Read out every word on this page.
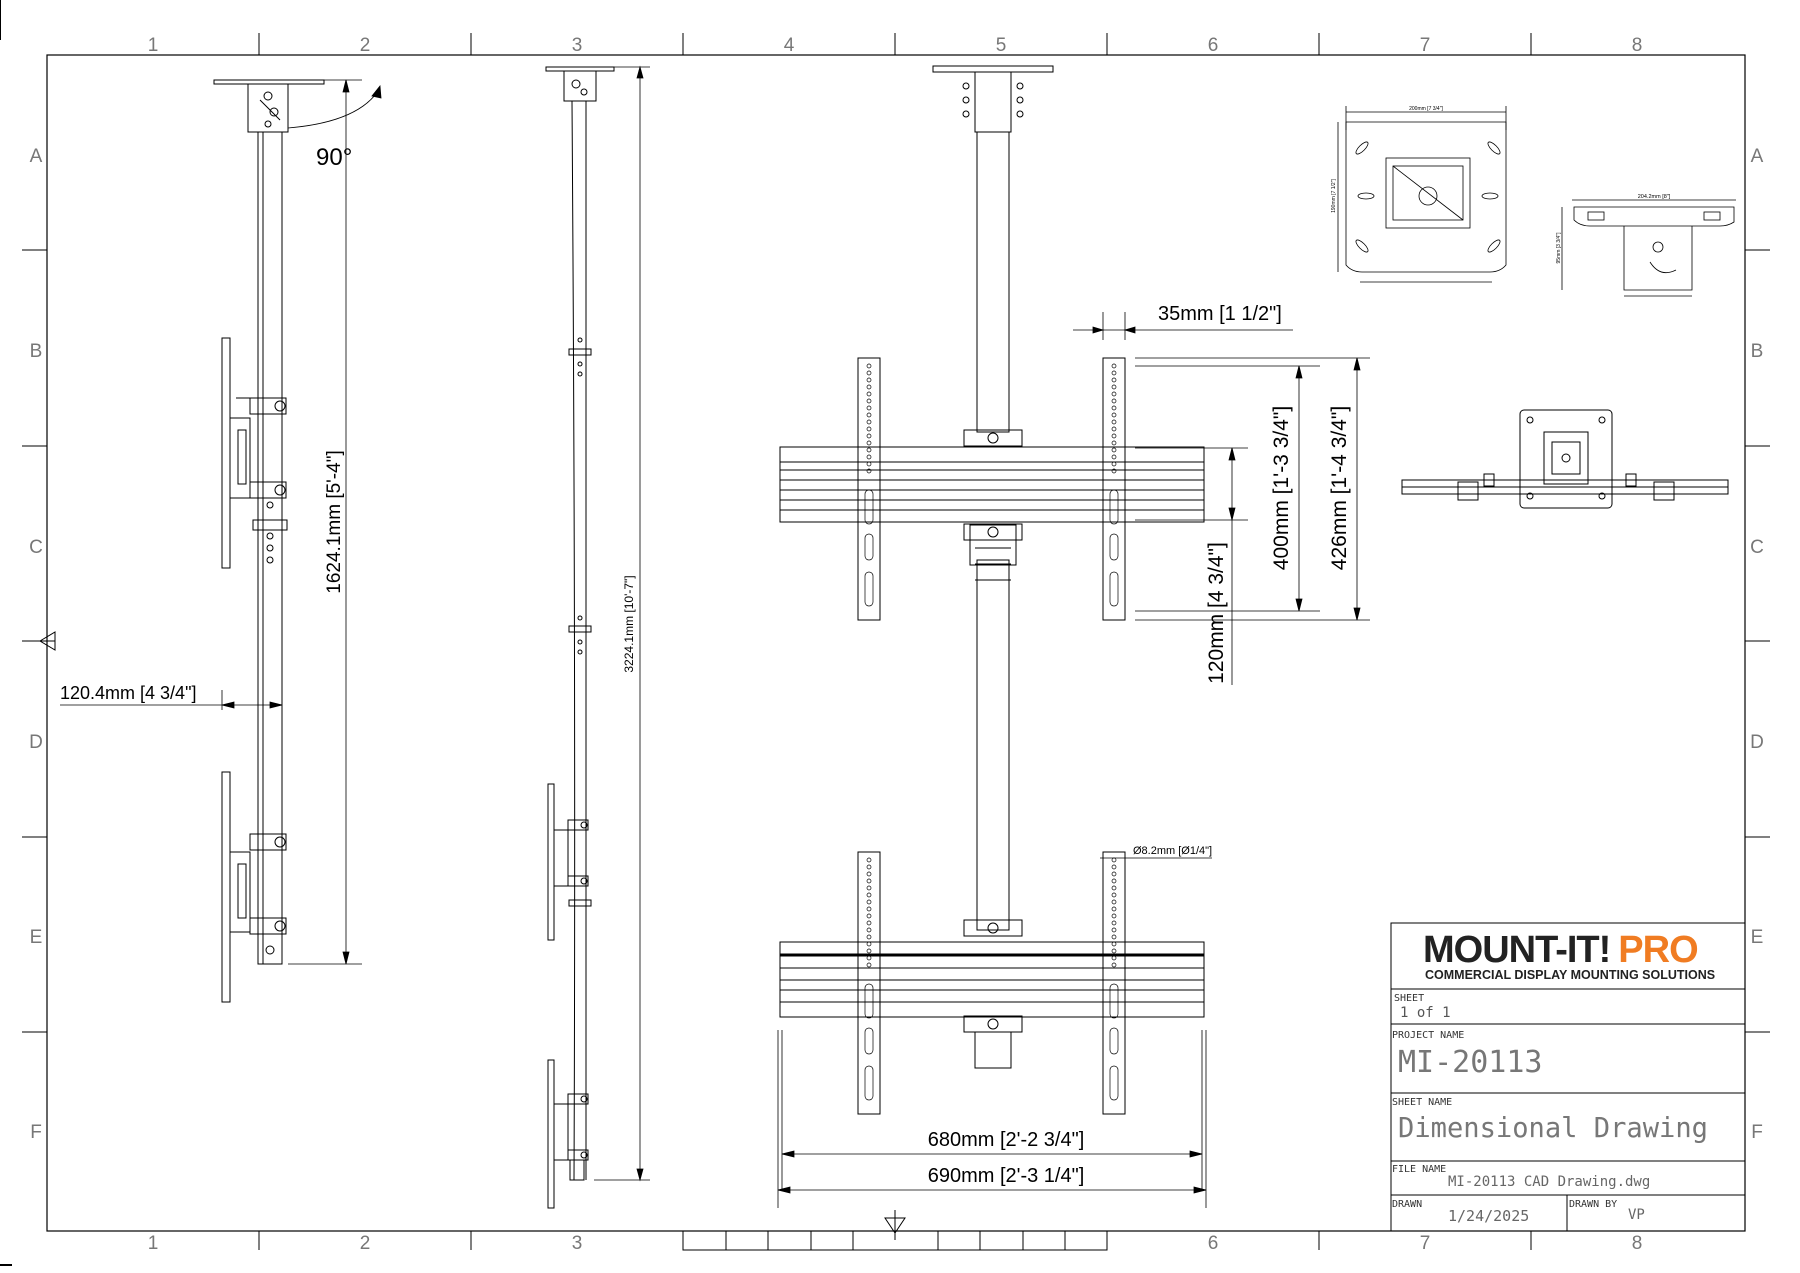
1	2	3	4	5	6	7	8
1	2	3	6	7	8
A
B
C
D
E
F
A
B
C
D
E
F
90°
1624.1mm [5'-4"]
120.4mm [4 3/4"]
3224.1mm [10'-7"]
35mm [1 1/2"]
400mm [1'-3 3/4"] 426mm [1'-4 3/4"]
120mm [4 3/4"]
Ø8.2mm [Ø1/4"]
680mm [2'-2 3/4"]
690mm [2'-3 1/4"]
200mm [7 3/4"]
190mm [7 1/2"]	204.2mm [8"]
95mm [3 3/4"]
MOUNT-IT! PRO
COMMERCIAL DISPLAY MOUNTING SOLUTIONS
SHEET
1 of 1
PROJECT NAME
MI-20113
SHEET NAME
Dimensional Drawing
FILE NAME
MI-20113 CAD Drawing.dwg
DRAWN
1/24/2025
DRAWN BY
VP
